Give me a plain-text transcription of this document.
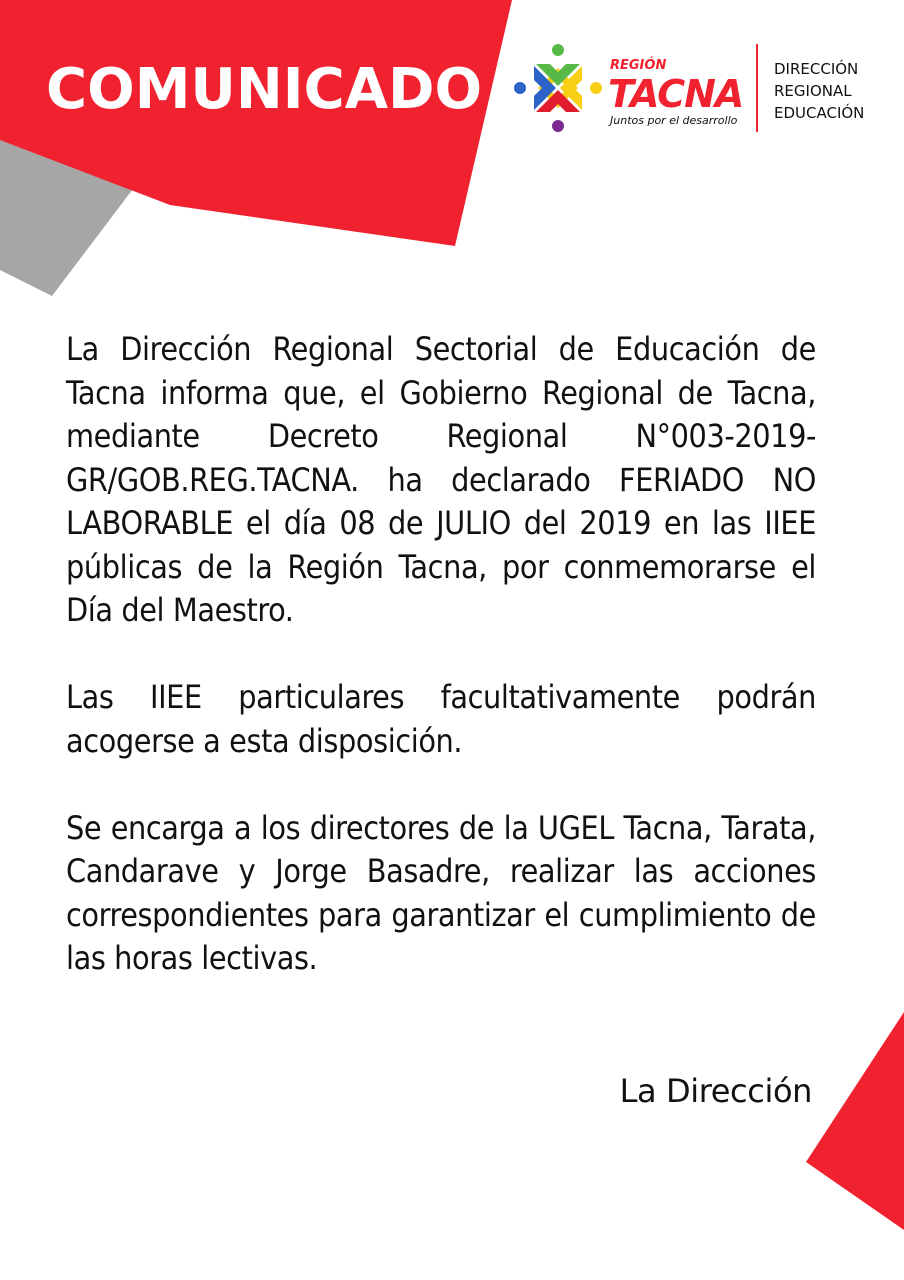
COMUNICADO	REGIÓN
TACNA
Juntos por el desarrollo
DIRECCIÓN
REGIONAL
EDUCACIÓN

La Dirección Regional Sectorial de Educación de Tacna informa que, el Gobierno Regional de Tacna, mediante Decreto Regional N°003-2019-GR/GOB.REG.TACNA. ha declarado FERIADO NO LABORABLE el día 08 de JULIO del 2019 en las IIEE públicas de la Región Tacna, por conmemorarse el Día del Maestro.

Las IIEE particulares facultativamente podrán acogerse a esta disposición.

Se encarga a los directores de la UGEL Tacna, Tarata, Candarave y Jorge Basadre, realizar las acciones correspondientes para garantizar el cumplimiento de las horas lectivas.

La Dirección
